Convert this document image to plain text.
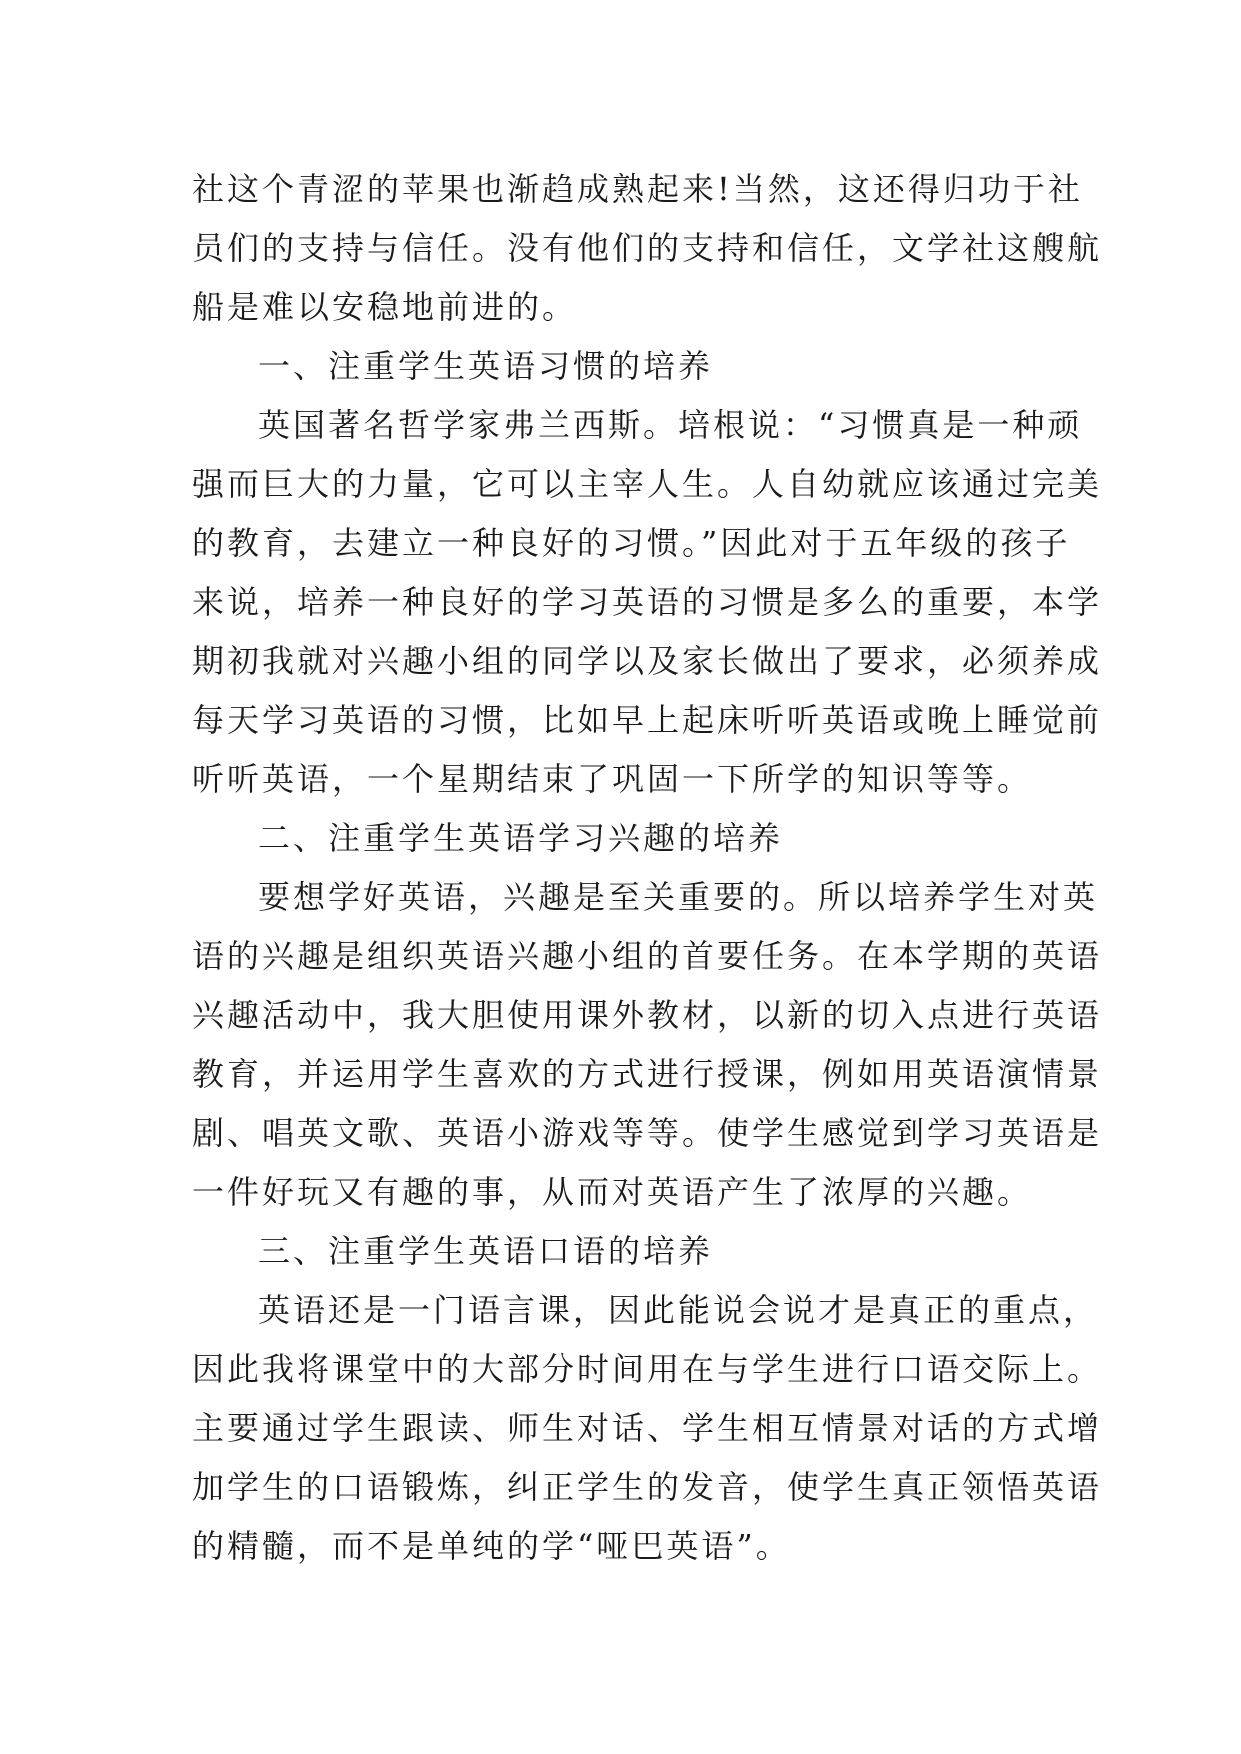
社这个青涩的苹果也渐趋成熟起来!当然，这还得归功于社
员们的支持与信任。没有他们的支持和信任，文学社这艘航
船是难以安稳地前进的。
一、注重学生英语习惯的培养
英国著名哲学家弗兰西斯。培根说：“习惯真是一种顽
强而巨大的力量，它可以主宰人生。人自幼就应该通过完美
的教育，去建立一种良好的习惯。”因此对于五年级的孩子
来说，培养一种良好的学习英语的习惯是多么的重要，本学
期初我就对兴趣小组的同学以及家长做出了要求，必须养成
每天学习英语的习惯，比如早上起床听听英语或晚上睡觉前
听听英语，一个星期结束了巩固一下所学的知识等等。
二、注重学生英语学习兴趣的培养
要想学好英语，兴趣是至关重要的。所以培养学生对英
语的兴趣是组织英语兴趣小组的首要任务。在本学期的英语
兴趣活动中，我大胆使用课外教材，以新的切入点进行英语
教育，并运用学生喜欢的方式进行授课，例如用英语演情景
剧、唱英文歌、英语小游戏等等。使学生感觉到学习英语是
一件好玩又有趣的事，从而对英语产生了浓厚的兴趣。
三、注重学生英语口语的培养
英语还是一门语言课，因此能说会说才是真正的重点，
因此我将课堂中的大部分时间用在与学生进行口语交际上。
主要通过学生跟读、师生对话、学生相互情景对话的方式增
加学生的口语锻炼，纠正学生的发音，使学生真正领悟英语
的精髓，而不是单纯的学“哑巴英语”。
